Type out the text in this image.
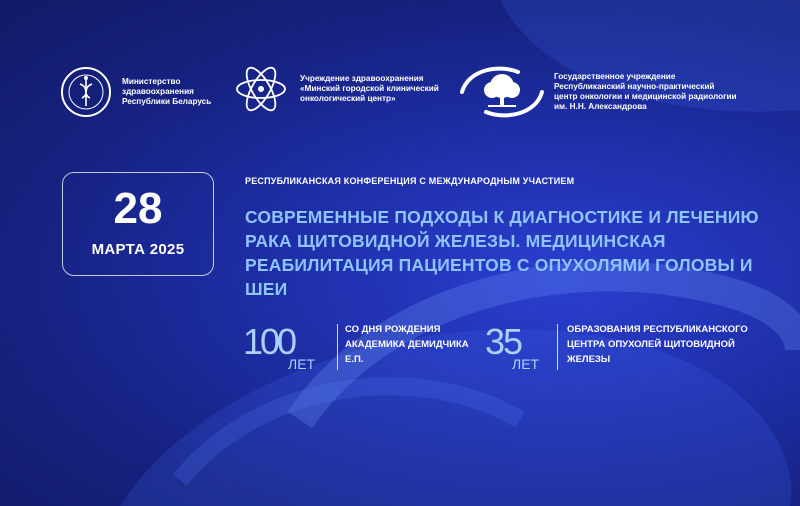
Министерство
здравоохранения
Республики Беларусь
Учреждение здравоохранения
«Минский городской клинический
онкологический центр»
Государственное учреждение
Республиканский научно-практический
центр онкологии и медицинской радиологии
им. Н.Н. Александрова
28
МАРТА 2025
РЕСПУБЛИКАНСКАЯ КОНФЕРЕНЦИЯ С МЕЖДУНАРОДНЫМ УЧАСТИЕМ
СОВРЕМЕННЫЕ ПОДХОДЫ К ДИАГНОСТИКЕ И ЛЕЧЕНИЮ РАКА ЩИТОВИДНОЙ ЖЕЛЕЗЫ. МЕДИЦИНСКАЯ РЕАБИЛИТАЦИЯ ПАЦИЕНТОВ С ОПУХОЛЯМИ ГОЛОВЫ И ШЕИ
100
ЛЕТ
СО ДНЯ РОЖДЕНИЯ АКАДЕМИКА ДЕМИДЧИКА Е.П.	35
ЛЕТ
ОБРАЗОВАНИЯ РЕСПУБЛИКАНСКОГО ЦЕНТРА ОПУХОЛЕЙ ЩИТОВИДНОЙ ЖЕЛЕЗЫ
